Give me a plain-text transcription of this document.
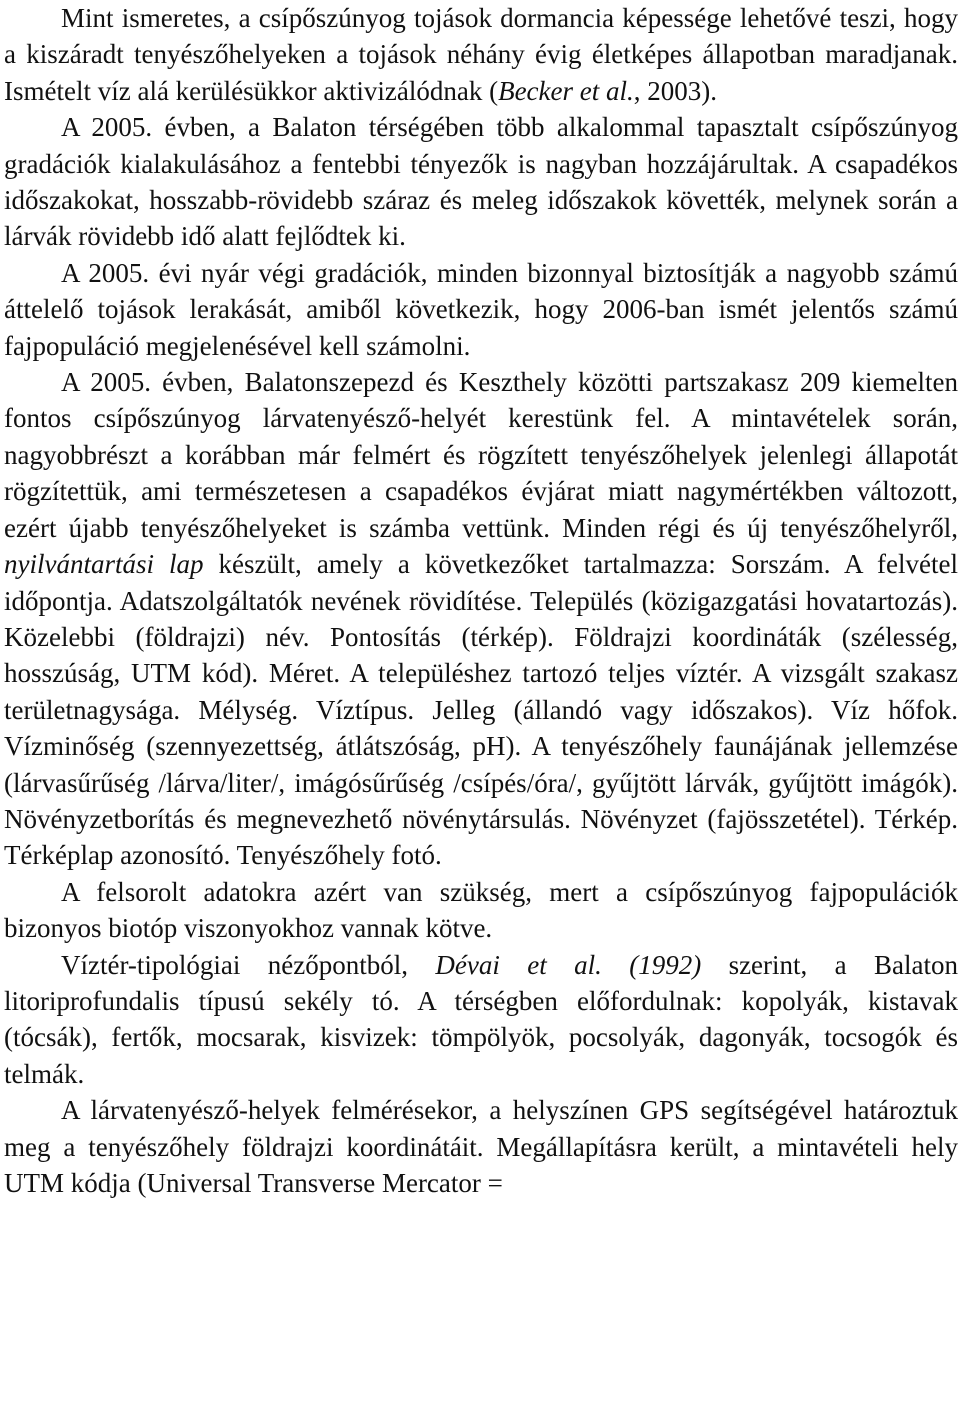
Mint ismeretes, a csípőszúnyog tojások dormancia képessége lehetővé teszi, hogy a kiszáradt tenyészőhelyeken a tojások néhány évig életképes állapotban maradjanak. Ismételt víz alá kerülésükkor aktivizálódnak (Becker et al., 2003).

A 2005. évben, a Balaton térségében több alkalommal tapasztalt csípőszúnyog gradációk kialakulásához a fentebbi tényezők is nagyban hozzájárultak. A csapadékos időszakokat, hosszabb-rövidebb száraz és meleg időszakok követték, melynek során a lárvák rövidebb idő alatt fejlődtek ki.

A 2005. évi nyár végi gradációk, minden bizonnyal biztosítják a nagyobb számú áttelelő tojások lerakását, amiből következik, hogy 2006-ban ismét jelentős számú fajpopuláció megjelenésével kell számolni.

A 2005. évben, Balatonszepezd és Keszthely közötti partszakasz 209 kiemelten fontos csípőszúnyog lárvatenyésző-helyét kerestünk fel. A mintavételek során, nagyobbrészt a korábban már felmért és rögzített tenyészőhelyek jelenlegi állapotát rögzítettük, ami természetesen a csapadékos évjárat miatt nagymértékben változott, ezért újabb tenyészőhelyeket is számba vettünk. Minden régi és új tenyészőhelyről, nyilvántartási lap készült, amely a következőket tartalmazza: Sorszám. A felvétel időpontja. Adatszolgáltatók nevének rövidítése. Település (közigazgatási hovatartozás). Közelebbi (földrajzi) név. Pontosítás (térkép). Földrajzi koordináták (szélesség, hosszúság, UTM kód). Méret. A településhez tartozó teljes víztér. A vizsgált szakasz területnagysága. Mélység. Víztípus. Jelleg (állandó vagy időszakos). Víz hőfok. Vízminőség (szennyezettség, átlátszóság, pH). A tenyészőhely faunájának jellemzése (lárvasűrűség /lárva/liter/, imágósűrűség /csípés/óra/, gyűjtött lárvák, gyűjtött imágók). Növényzetborítás és megnevezhető növénytársulás. Növényzet (fajösszetétel). Térkép. Térképlap azonosító. Tenyészőhely fotó.

A felsorolt adatokra azért van szükség, mert a csípőszúnyog fajpopulációk bizonyos biotóp viszonyokhoz vannak kötve.

Víztér-tipológiai nézőpontból, Dévai et al. (1992) szerint, a Balaton litoriprofundalis típusú sekély tó. A térségben előfordulnak: kopolyák, kistavak (tócsák), fertők, mocsarak, kisvizek: tömpölyök, pocsolyák, dagonyák, tocsogók és telmák.

A lárvatenyésző-helyek felmérésekor, a helyszínen GPS segítségével határoztuk meg a tenyészőhely földrajzi koordinátáit. Megállapításra került, a mintavételi hely UTM kódja (Universal Transverse Mercator =
